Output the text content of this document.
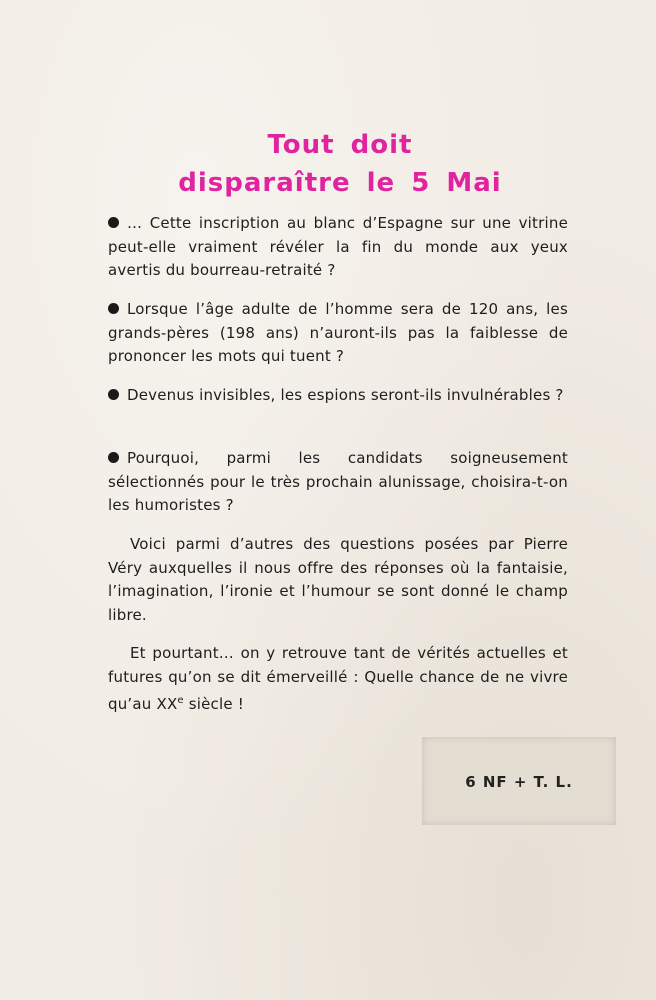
Tout doit
disparaître le 5 Mai

… Cette inscription au blanc d’Espagne sur une vitrine peut-elle vraiment révéler la fin du monde aux yeux avertis du bourreau-retraité ?

Lorsque l’âge adulte de l’homme sera de 120 ans, les grands-pères (198 ans) n’auront-ils pas la faiblesse de prononcer les mots qui tuent ?

Devenus invisibles, les espions seront-ils invulnérables ?

Pourquoi, parmi les candidats soigneusement sélectionnés pour le très prochain alunissage, choisira-t-on les humoristes ?

Voici parmi d’autres des questions posées par Pierre Véry auxquelles il nous offre des réponses où la fantaisie, l’imagination, l’ironie et l’humour se sont donné le champ libre.

Et pourtant… on y retrouve tant de vérités actuelles et futures qu’on se dit émerveillé : Quelle chance de ne vivre qu’au XXe siècle !

6 NF + T. L.
